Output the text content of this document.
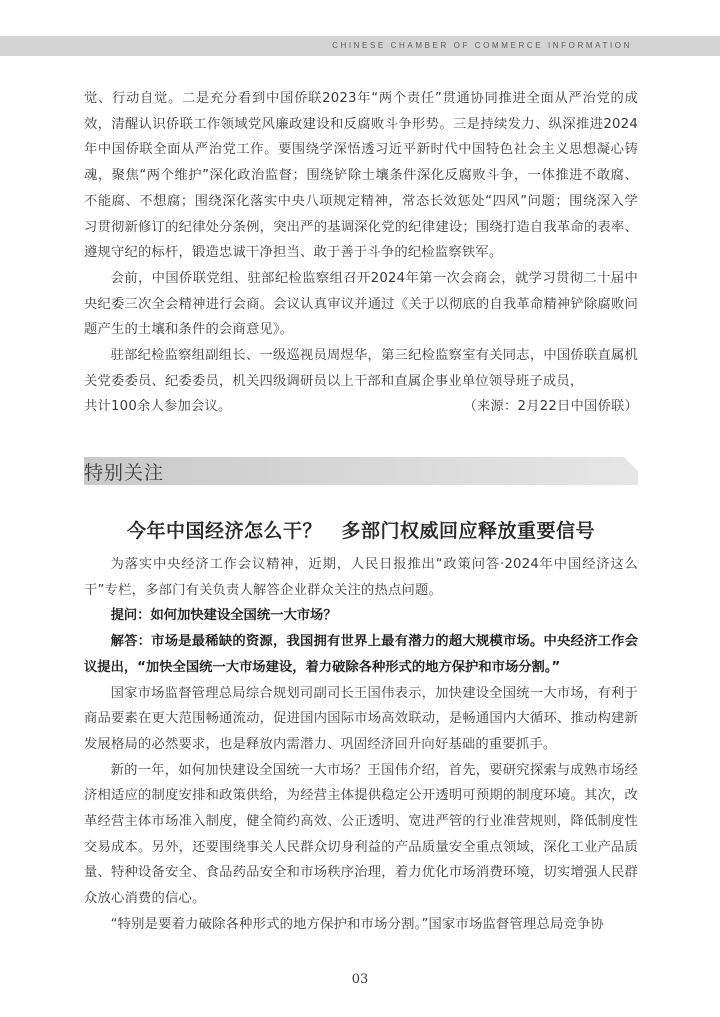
CHINESE CHAMBER OF COMMERCE INFORMATION

觉、行动自觉。二是充分看到中国侨联2023年“两个责任”贯通协同推进全面从严治党的成效，清醒认识侨联工作领域党风廉政建设和反腐败斗争形势。三是持续发力、纵深推进2024年中国侨联全面从严治党工作。要围绕学深悟透习近平新时代中国特色社会主义思想凝心铸魂，聚焦“两个维护”深化政治监督；围绕铲除土壤条件深化反腐败斗争，一体推进不敢腐、不能腐、不想腐；围绕深化落实中央八项规定精神，常态长效惩处“四风”问题；围绕深入学习贯彻新修订的纪律处分条例，突出严的基调深化党的纪律建设；围绕打造自我革命的表率、遵规守纪的标杆，锻造忠诚干净担当、敢于善于斗争的纪检监察铁军。

会前，中国侨联党组、驻部纪检监察组召开2024年第一次会商会，就学习贯彻二十届中央纪委三次全会精神进行会商。会议认真审议并通过《关于以彻底的自我革命精神铲除腐败问题产生的土壤和条件的会商意见》。

驻部纪检监察组副组长、一级巡视员周煜华，第三纪检监察室有关同志，中国侨联直属机关党委委员、纪委委员，机关四级调研员以上干部和直属企事业单位领导班子成员，

共计100余人参加会议。	（来源：2月22日中国侨联）
特别关注
今年中国经济怎么干？　多部门权威回应释放重要信号

为落实中央经济工作会议精神，近期，人民日报推出“政策问答·2024年中国经济这么干”专栏，多部门有关负责人解答企业群众关注的热点问题。

提问：如何加快建设全国统一大市场？

解答：市场是最稀缺的资源，我国拥有世界上最有潜力的超大规模市场。中央经济工作会议提出，“加快全国统一大市场建设，着力破除各种形式的地方保护和市场分割。”

国家市场监督管理总局综合规划司副司长王国伟表示，加快建设全国统一大市场，有利于商品要素在更大范围畅通流动，促进国内国际市场高效联动，是畅通国内大循环、推动构建新发展格局的必然要求，也是释放内需潜力、巩固经济回升向好基础的重要抓手。

新的一年，如何加快建设全国统一大市场？王国伟介绍，首先，要研究探索与成熟市场经济相适应的制度安排和政策供给，为经营主体提供稳定公开透明可预期的制度环境。其次，改革经营主体市场准入制度，健全简约高效、公正透明、宽进严管的行业准营规则，降低制度性交易成本。另外，还要围绕事关人民群众切身利益的产品质量安全重点领域，深化工业产品质量、特种设备安全、食品药品安全和市场秩序治理，着力优化市场消费环境，切实增强人民群众放心消费的信心。

“特别是要着力破除各种形式的地方保护和市场分割。”国家市场监督管理总局竞争协

03
